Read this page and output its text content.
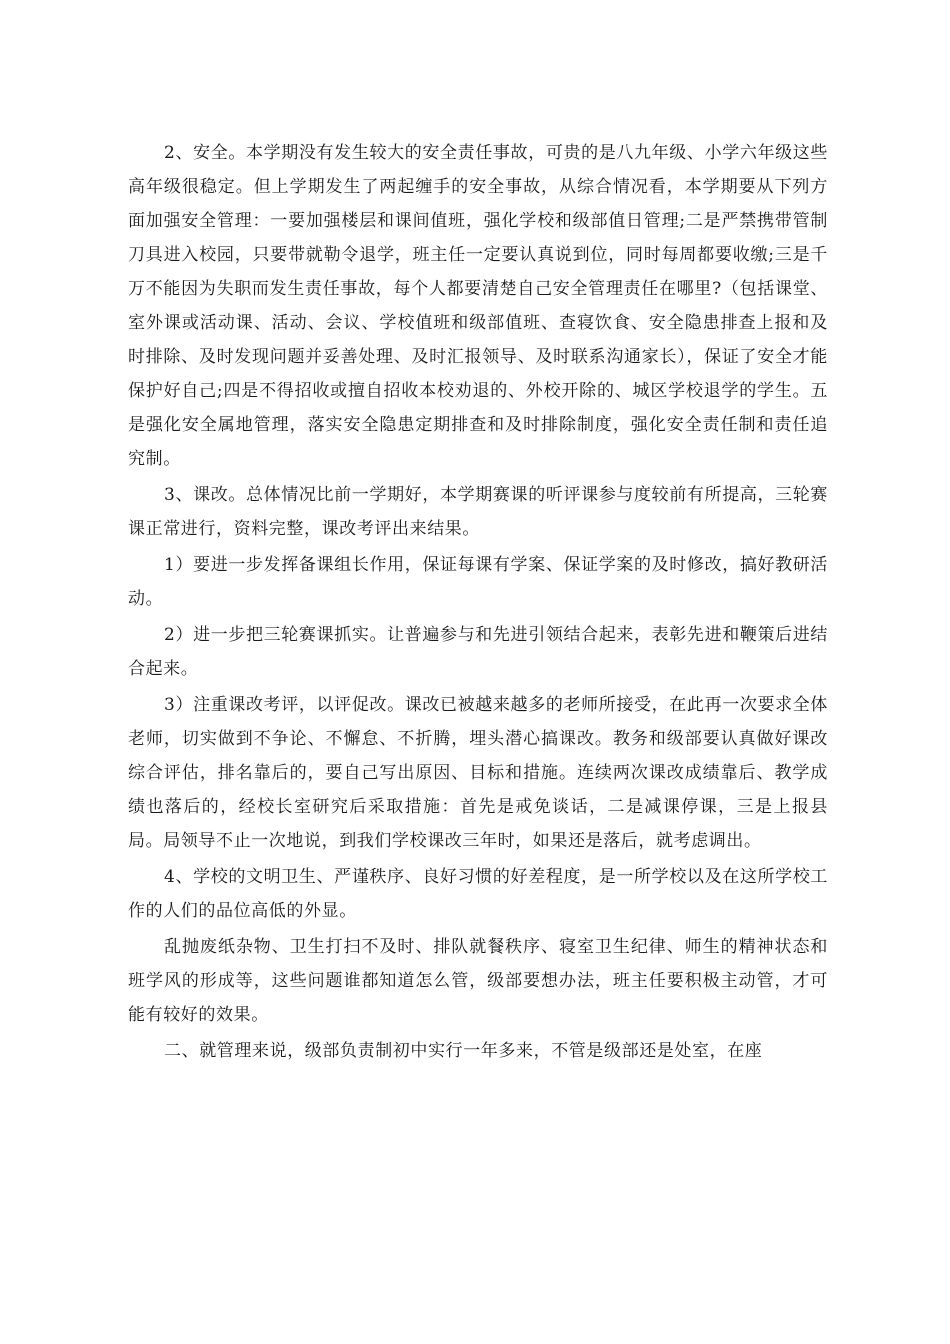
2、安全。本学期没有发生较大的安全责任事故，可贵的是八九年级、小学六年级这些高年级很稳定。但上学期发生了两起缠手的安全事故，从综合情况看，本学期要从下列方面加强安全管理：一要加强楼层和课间值班，强化学校和级部值日管理;二是严禁携带管制刀具进入校园，只要带就勒令退学，班主任一定要认真说到位，同时每周都要收缴;三是千万不能因为失职而发生责任事故，每个人都要清楚自己安全管理责任在哪里?（包括课堂、室外课或活动课、活动、会议、学校值班和级部值班、查寝饮食、安全隐患排查上报和及时排除、及时发现问题并妥善处理、及时汇报领导、及时联系沟通家长），保证了安全才能保护好自己;四是不得招收或擅自招收本校劝退的、外校开除的、城区学校退学的学生。五是强化安全属地管理，落实安全隐患定期排查和及时排除制度，强化安全责任制和责任追究制。

3、课改。总体情况比前一学期好，本学期赛课的听评课参与度较前有所提高，三轮赛课正常进行，资料完整，课改考评出来结果。

1）要进一步发挥备课组长作用，保证每课有学案、保证学案的及时修改，搞好教研活动。

2）进一步把三轮赛课抓实。让普遍参与和先进引领结合起来，表彰先进和鞭策后进结合起来。

3）注重课改考评，以评促改。课改已被越来越多的老师所接受，在此再一次要求全体老师，切实做到不争论、不懈怠、不折腾，埋头潜心搞课改。教务和级部要认真做好课改综合评估，排名靠后的，要自己写出原因、目标和措施。连续两次课改成绩靠后、教学成绩也落后的，经校长室研究后采取措施：首先是戒免谈话，二是减课停课，三是上报县局。局领导不止一次地说，到我们学校课改三年时，如果还是落后，就考虑调出。

4、学校的文明卫生、严谨秩序、良好习惯的好差程度，是一所学校以及在这所学校工作的人们的品位高低的外显。

乱抛废纸杂物、卫生打扫不及时、排队就餐秩序、寝室卫生纪律、师生的精神状态和班学风的形成等，这些问题谁都知道怎么管，级部要想办法，班主任要积极主动管，才可能有较好的效果。

二、就管理来说，级部负责制初中实行一年多来，不管是级部还是处室，在座
